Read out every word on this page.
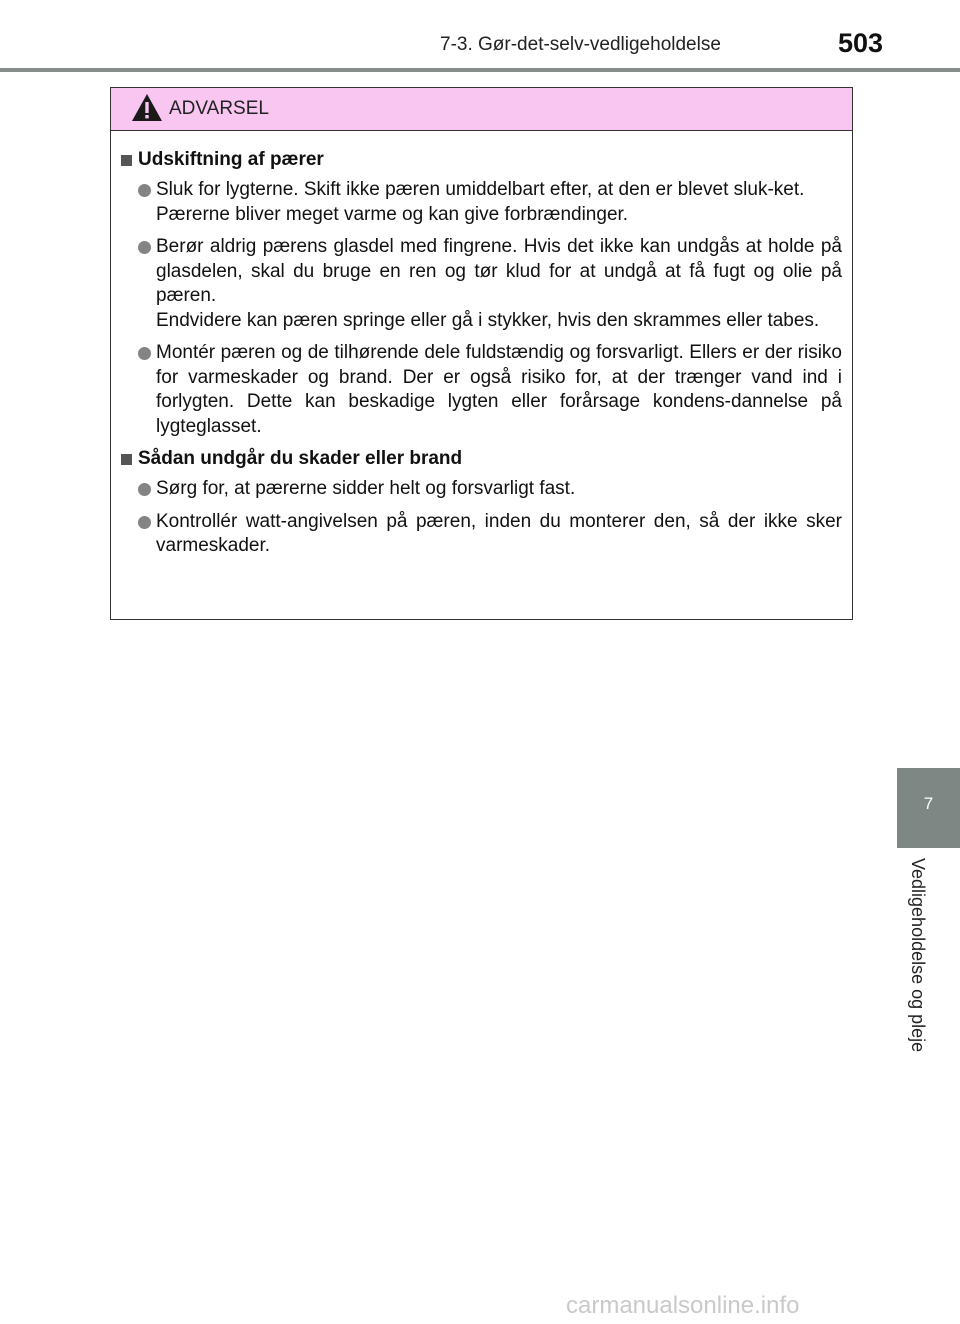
7-3. Gør-det-selv-vedligeholdelse	503
7
Vedligeholdelse og pleje
ADVARSEL
Udskiftning af pærer

Sluk for lygterne. Skift ikke pæren umiddelbart efter, at den er blevet sluk-ket.

Pærerne bliver meget varme og kan give forbrændinger.

Berør aldrig pærens glasdel med fingrene. Hvis det ikke kan undgås at holde på glasdelen, skal du bruge en ren og tør klud for at undgå at få fugt og olie på pæren.

Endvidere kan pæren springe eller gå i stykker, hvis den skrammes eller tabes.

Montér pæren og de tilhørende dele fuldstændig og forsvarligt. Ellers er der risiko for varmeskader og brand. Der er også risiko for, at der trænger vand ind i forlygten. Dette kan beskadige lygten eller forårsage kondens-dannelse på lygteglasset.

Sådan undgår du skader eller brand

Sørg for, at pærerne sidder helt og forsvarligt fast.

Kontrollér watt-angivelsen på pæren, inden du monterer den, så der ikke sker varmeskader.

carmanualsonline.info
